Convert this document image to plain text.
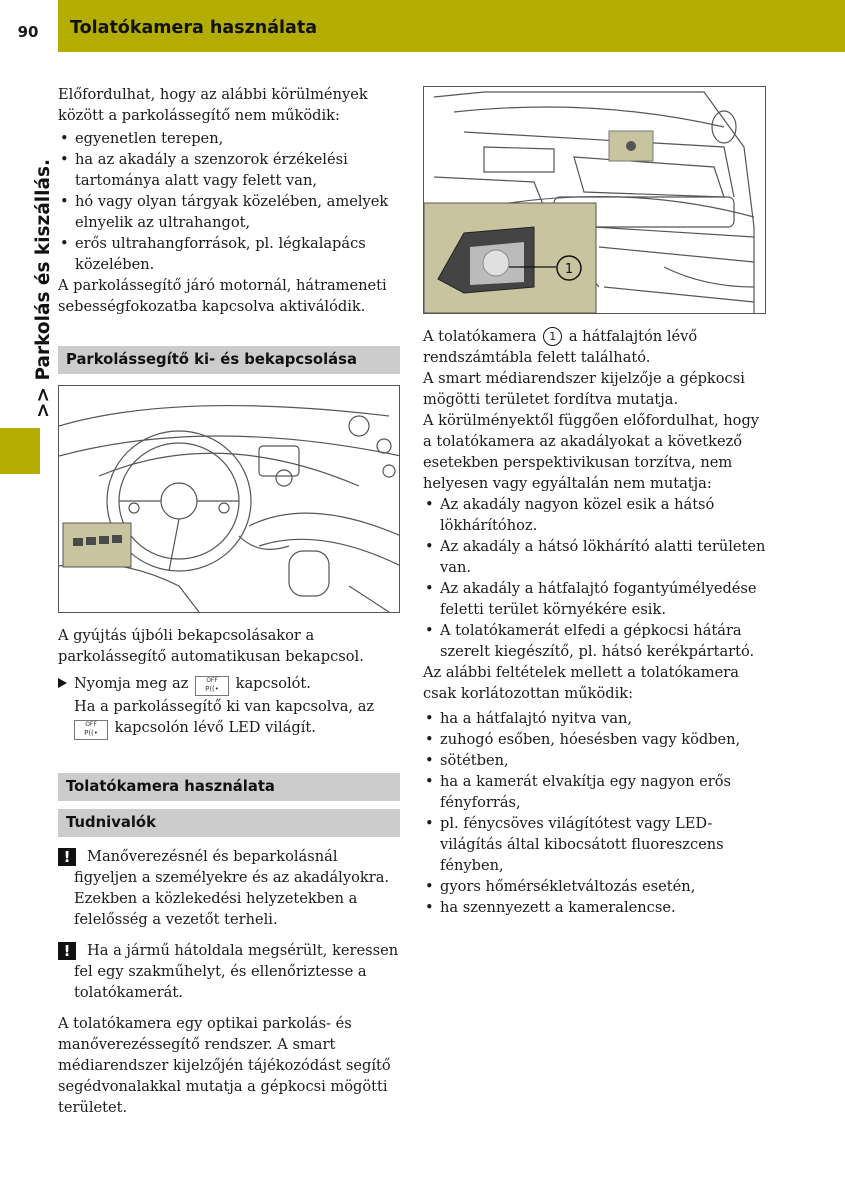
90	Tolatókamera használata
>> Parkolás és kiszállás.

Előfordulhat, hogy az alábbi körülmények között a parkolássegítő nem működik:

• egyenetlen terepen,
• ha az akadály a szenzorok érzékelési tartománya alatt vagy felett van,
• hó vagy olyan tárgyak közelében, amelyek elnyelik az ultrahangot,
• erős ultrahangforrások, pl. légkalapács közelében.

A parkolássegítő járó motornál, hátrameneti sebességfokozatba kapcsolva aktiválódik.

Parkolássegítő ki- és bekapcsolása

A gyújtás újbóli bekapcsolásakor a parkolássegítő automatikusan bekapcsol.

Nyomja meg az	OFF
P((• kapcsolót.
Ha a parkolássegítő ki van kapcsolva, az
OFF
P((• kapcsolón lévő LED világít.
Tolatókamera használata
Tudnivalók
!	Manőverezésnél és beparkolásnál figyeljen a személyekre és az akadályokra. Ezekben a közlekedési helyzetekben a felelősség a vezetőt terheli.
!	Ha a jármű hátoldala megsérült, keressen fel egy szakműhelyt, és ellenőriztesse a tolatókamerát.

A tolatókamera egy optikai parkolás- és manőverezéssegítő rendszer. A smart médiarendszer kijelzőjén tájékozódást segítő segédvonalakkal mutatja a gépkocsi mögötti területet.

1

A tolatókamera 1 a hátfalajtón lévő rendszámtábla felett található.

A smart médiarendszer kijelzője a gépkocsi mögötti területet fordítva mutatja.

A körülményektől függően előfordulhat, hogy a tolatókamera az akadályokat a következő esetekben perspektivikusan torzítva, nem helyesen vagy egyáltalán nem mutatja:

• Az akadály nagyon közel esik a hátsó lökhárítóhoz.
• Az akadály a hátsó lökhárító alatti területen van.
• Az akadály a hátfalajtó fogantyúmélyedése feletti terület környékére esik.
• A tolatókamerát elfedi a gépkocsi hátára szerelt kiegészítő, pl. hátsó kerékpártartó.

Az alábbi feltételek mellett a tolatókamera csak korlátozottan működik:

• ha a hátfalajtó nyitva van,
• zuhogó esőben, hóesésben vagy ködben,
• sötétben,
• ha a kamerát elvakítja egy nagyon erős fényforrás,
• pl. fénycsöves világítótest vagy LED-világítás által kibocsátott fluoreszcens fényben,
• gyors hőmérsékletváltozás esetén,
• ha szennyezett a kameralencse.
